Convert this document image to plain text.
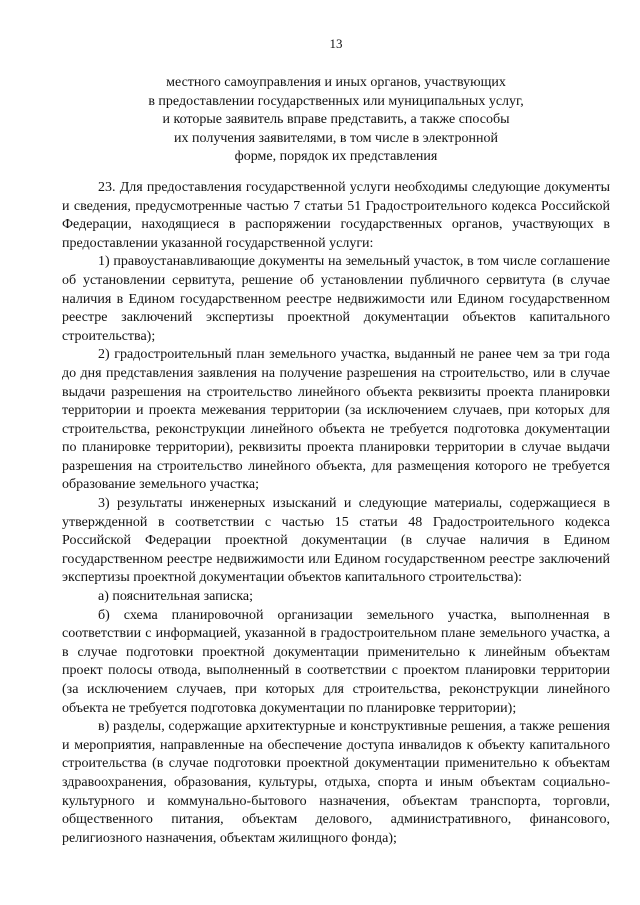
13
местного самоуправления и иных органов, участвующих
в предоставлении государственных или муниципальных услуг,
и которые заявитель вправе представить, а также способы
их получения заявителями, в том числе в электронной
форме, порядок их представления

23. Для предоставления государственной услуги необходимы следующие документы и сведения, предусмотренные частью 7 статьи 51 Градостроительного кодекса Российской Федерации, находящиеся в распоряжении государственных органов, участвующих в предоставлении указанной государственной услуги:

1) правоустанавливающие документы на земельный участок, в том числе соглашение об установлении сервитута, решение об установлении публичного сервитута (в случае наличия в Едином государственном реестре недвижимости или Едином государственном реестре заключений экспертизы проектной документации объектов капитального строительства);

2) градостроительный план земельного участка, выданный не ранее чем за три года до дня представления заявления на получение разрешения на строительство, или в случае выдачи разрешения на строительство линейного объекта реквизиты проекта планировки территории и проекта межевания территории (за исключением случаев, при которых для строительства, реконструкции линейного объекта не требуется подготовка документации по планировке территории), реквизиты проекта планировки территории в случае выдачи разрешения на строительство линейного объекта, для размещения которого не требуется образование земельного участка;

3) результаты инженерных изысканий и следующие материалы, содержащиеся в утвержденной в соответствии с частью 15 статьи 48 Градостроительного кодекса Российской Федерации проектной документации (в случае наличия в Едином государственном реестре недвижимости или Едином государственном реестре заключений экспертизы проектной документации объектов капитального строительства):

а) пояснительная записка;

б) схема планировочной организации земельного участка, выполненная в соответствии с информацией, указанной в градостроительном плане земельного участка, а в случае подготовки проектной документации применительно к линейным объектам проект полосы отвода, выполненный в соответствии с проектом планировки территории (за исключением случаев, при которых для строительства, реконструкции линейного объекта не требуется подготовка документации по планировке территории);

в) разделы, содержащие архитектурные и конструктивные решения, а также решения и мероприятия, направленные на обеспечение доступа инвалидов к объекту капитального строительства (в случае подготовки проектной документации применительно к объектам здравоохранения, образования, культуры, отдыха, спорта и иным объектам социально-культурного и коммунально-бытового назначения, объектам транспорта, торговли, общественного питания, объектам делового, административного, финансового, религиозного назначения, объектам жилищного фонда);
